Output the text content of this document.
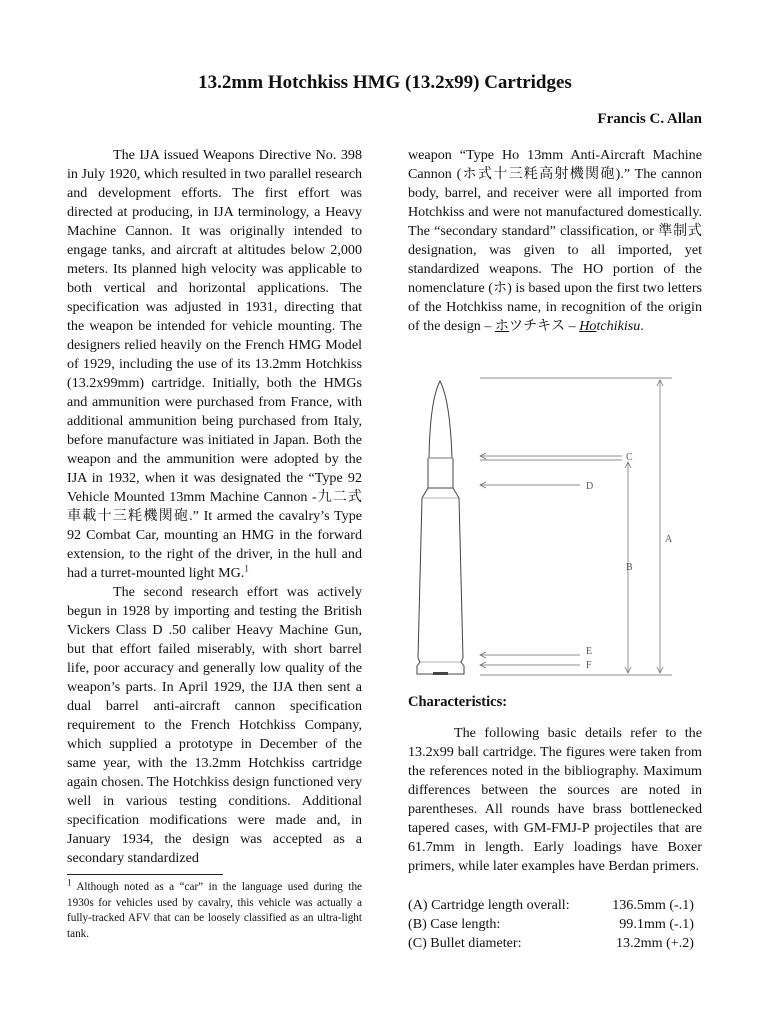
13.2mm Hotchkiss HMG (13.2x99) Cartridges
Francis C. Allan

The IJA issued Weapons Directive No. 398 in July 1920, which resulted in two parallel research and development efforts. The first effort was directed at producing, in IJA terminology, a Heavy Machine Cannon. It was originally intended to engage tanks, and aircraft at altitudes below 2,000 meters. Its planned high velocity was applicable to both vertical and horizontal applications. The specification was adjusted in 1931, directing that the weapon be intended for vehicle mounting. The designers relied heavily on the French HMG Model of 1929, including the use of its 13.2mm Hotchkiss (13.2x99mm) cartridge. Initially, both the HMGs and ammunition were purchased from France, with additional ammunition being purchased from Italy, before manufacture was initiated in Japan. Both the weapon and the ammunition were adopted by the IJA in 1932, when it was designated the “Type 92 Vehicle Mounted 13mm Machine Cannon -九二式車載十三粍機関砲.” It armed the cavalry’s Type 92 Combat Car, mounting an HMG in the forward extension, to the right of the driver, in the hull and had a turret-mounted light MG.$^1$

The second research effort was actively begun in 1928 by importing and testing the British Vickers Class D .50 caliber Heavy Machine Gun, but that effort failed miserably, with short barrel life, poor accuracy and generally low quality of the weapon’s parts. In April 1929, the IJA then sent a dual barrel anti-aircraft cannon specification requirement to the French Hotchkiss Company, which supplied a prototype in December of the same year, with the 13.2mm Hotchkiss cartridge again chosen. The Hotchkiss design functioned very well in various testing conditions. Additional specification modifications were made and, in January 1934, the design was accepted as a secondary standardized

$^1$ Although noted as a “car” in the language used during the 1930s for vehicles used by cavalry, this vehicle was actually a fully-tracked AFV that can be loosely classified as an ultra-light tank.

weapon “Type Ho 13mm Anti-Aircraft Machine Cannon (ホ式十三粍高射機関砲).” The cannon body, barrel, and receiver were all imported from Hotchkiss and were not manufactured domestically. The “secondary standard” classification, or 準制式 designation, was given to all imported, yet standardized weapons. The HO portion of the nomenclature (ホ) is based upon the first two letters of the Hotchkiss name, in recognition of the origin of the design – ホツチキス – Hotchikisu.

A
C
D
B
E
F
Characteristics:

The following basic details refer to the 13.2x99 ball cartridge. The figures were taken from the references noted in the bibliography. Maximum differences between the sources are noted in parentheses. All rounds have brass bottlenecked tapered cases, with GM-FMJ-P projectiles that are 61.7mm in length. Early loadings have Boxer primers, while later examples have Berdan primers.

(A) Cartridge length overall:	136.5mm (-.1)
(B) Case length:	99.1mm (-.1)
(C) Bullet diameter:	13.2mm (+.2)
